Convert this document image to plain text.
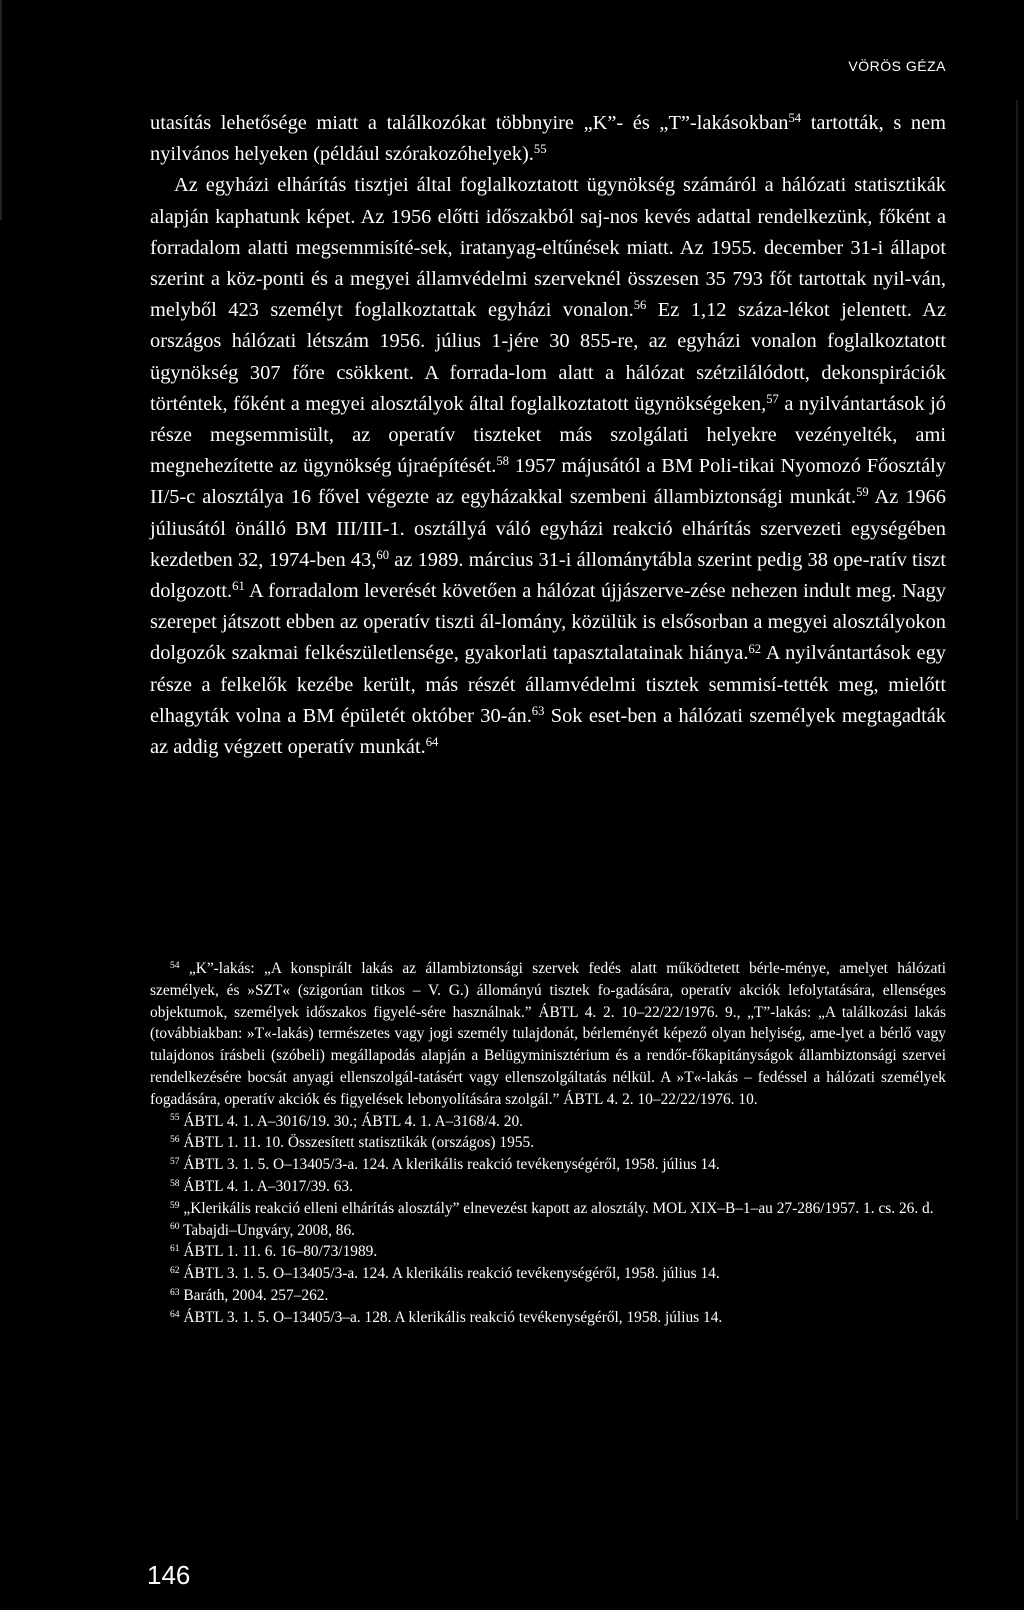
VÖRÖS GÉZA

utasítás lehetősége miatt a találkozókat többnyire „K”- és „T”-lakásokban$^{54}$ tartották, s nem nyilvános helyeken (például szórakozóhelyek).$^{55}$

Az egyházi elhárítás tisztjei által foglalkoztatott ügynökség számáról a hálózati statisztikák alapján kaphatunk képet. Az 1956 előtti időszakból saj-nos kevés adattal rendelkezünk, főként a forradalom alatti megsemmisíté-sek, iratanyag-eltűnések miatt. Az 1955. december 31-i állapot szerint a köz-ponti és a megyei államvédelmi szerveknél összesen 35 793 főt tartottak nyil-ván, melyből 423 személyt foglalkoztattak egyházi vonalon.$^{56}$ Ez 1,12 száza-lékot jelentett. Az országos hálózati létszám 1956. július 1-jére 30 855-re, az egyházi vonalon foglalkoztatott ügynökség 307 főre csökkent. A forrada-lom alatt a hálózat szétzilálódott, dekonspirációk történtek, főként a megyei alosztályok által foglalkoztatott ügynökségeken,$^{57}$ a nyilvántartások jó része megsemmisült, az operatív tiszteket más szolgálati helyekre vezényelték, ami megnehezítette az ügynökség újraépítését.$^{58}$ 1957 májusától a BM Poli-tikai Nyomozó Főosztály II/5-c alosztálya 16 fővel végezte az egyházakkal szembeni állambiztonsági munkát.$^{59}$ Az 1966 júliusától önálló BM III/III-1. osztállyá váló egyházi reakció elhárítás szervezeti egységében kezdetben 32, 1974-ben 43,60 az 1989. március 31-i állománytábla szerint pedig 38 ope-ratív tiszt dolgozott.$^{61}$ A forradalom leverését követően a hálózat újjászerve-zése nehezen indult meg. Nagy szerepet játszott ebben az operatív tiszti ál-lomány, közülük is elsősorban a megyei alosztályokon dolgozók szakmai felkészületlensége, gyakorlati tapasztalatainak hiánya.$^{62}$ A nyilvántartások egy része a felkelők kezébe került, más részét államvédelmi tisztek semmisí-tették meg, mielőtt elhagyták volna a BM épületét október 30-án.$^{63}$ Sok eset-ben a hálózati személyek megtagadták az addig végzett operatív munkát.$^{64}$

$^{54}$ „K”-lakás: „A konspirált lakás az állambiztonsági szervek fedés alatt működtetett bérle-ménye, amelyet hálózati személyek, és »SZT« (szigorúan titkos – V. G.) állományú tisztek fo-gadására, operatív akciók lefolytatására, ellenséges objektumok, személyek időszakos figyelé-sére használnak.” ÁBTL 4. 2. 10–22/22/1976. 9., „T”-lakás: „A találkozási lakás (továbbiakban: »T«-lakás) természetes vagy jogi személy tulajdonát, bérleményét képező olyan helyiség, ame-lyet a bérlő vagy tulajdonos írásbeli (szóbeli) megállapodás alapján a Belügyminisztérium és a rendőr-főkapitányságok állambiztonsági szervei rendelkezésére bocsát anyagi ellenszolgál-tatásért vagy ellenszolgáltatás nélkül. A »T«-lakás – fedéssel a hálózati személyek fogadására, operatív akciók és figyelések lebonyolítására szolgál.” ÁBTL 4. 2. 10–22/22/1976. 10.

$^{55}$ ÁBTL 4. 1. A–3016/19. 30.; ÁBTL 4. 1. A–3168/4. 20.

$^{56}$ ÁBTL 1. 11. 10. Összesített statisztikák (országos) 1955.

$^{57}$ ÁBTL 3. 1. 5. O–13405/3-a. 124. A klerikális reakció tevékenységéről, 1958. július 14.

$^{58}$ ÁBTL 4. 1. A–3017/39. 63.

$^{59}$ „Klerikális reakció elleni elhárítás alosztály” elnevezést kapott az alosztály. MOL XIX–B–1–au 27-286/1957. 1. cs. 26. d.

$^{60}$ Tabajdi–Ungváry, 2008, 86.

$^{61}$ ÁBTL 1. 11. 6. 16–80/73/1989.

$^{62}$ ÁBTL 3. 1. 5. O–13405/3-a. 124. A klerikális reakció tevékenységéről, 1958. július 14.

$^{63}$ Baráth, 2004. 257–262.

$^{64}$ ÁBTL 3. 1. 5. O–13405/3–a. 128. A klerikális reakció tevékenységéről, 1958. július 14.

146
